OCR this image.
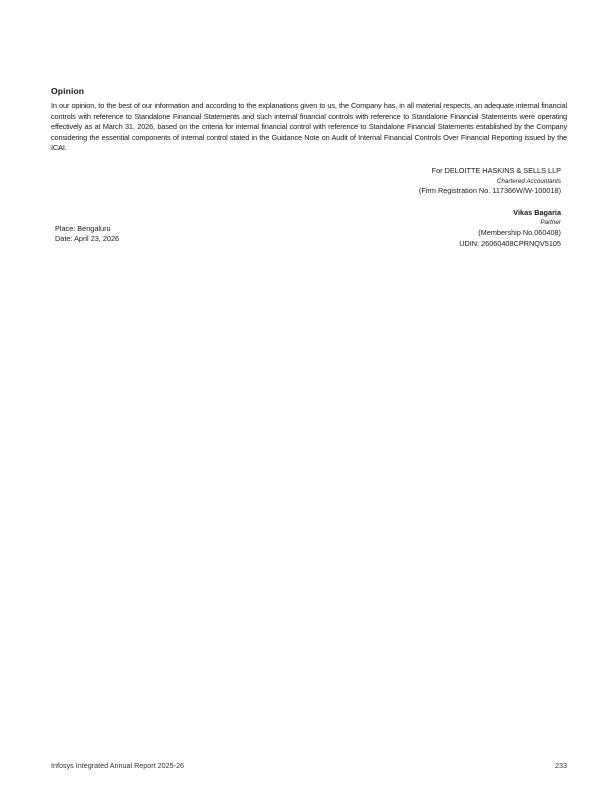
Opinion
In our opinion, to the best of our information and according to the explanations given to us, the Company has, in all material respects, an adequate internal financial controls with reference to Standalone Financial Statements and such internal financial controls with reference to Standalone Financial Statements were operating effectively as at March 31, 2026, based on the criteria for internal financial control with reference to Standalone Financial Statements established by the Company considering the essential components of internal control stated in the Guidance Note on Audit of Internal Financial Controls Over Financial Reporting issued by the ICAI.
For DELOITTE HASKINS & SELLS LLP
Chartered Accountants
(Firm Registration No. 117366W/W-100018)
Vikas Bagaria
Partner
(Membership No.060408)
UDIN: 26060408CPRNQV5105
Place: Bengaluru
Date: April 23, 2026
Infosys Integrated Annual Report 2025-26	233
